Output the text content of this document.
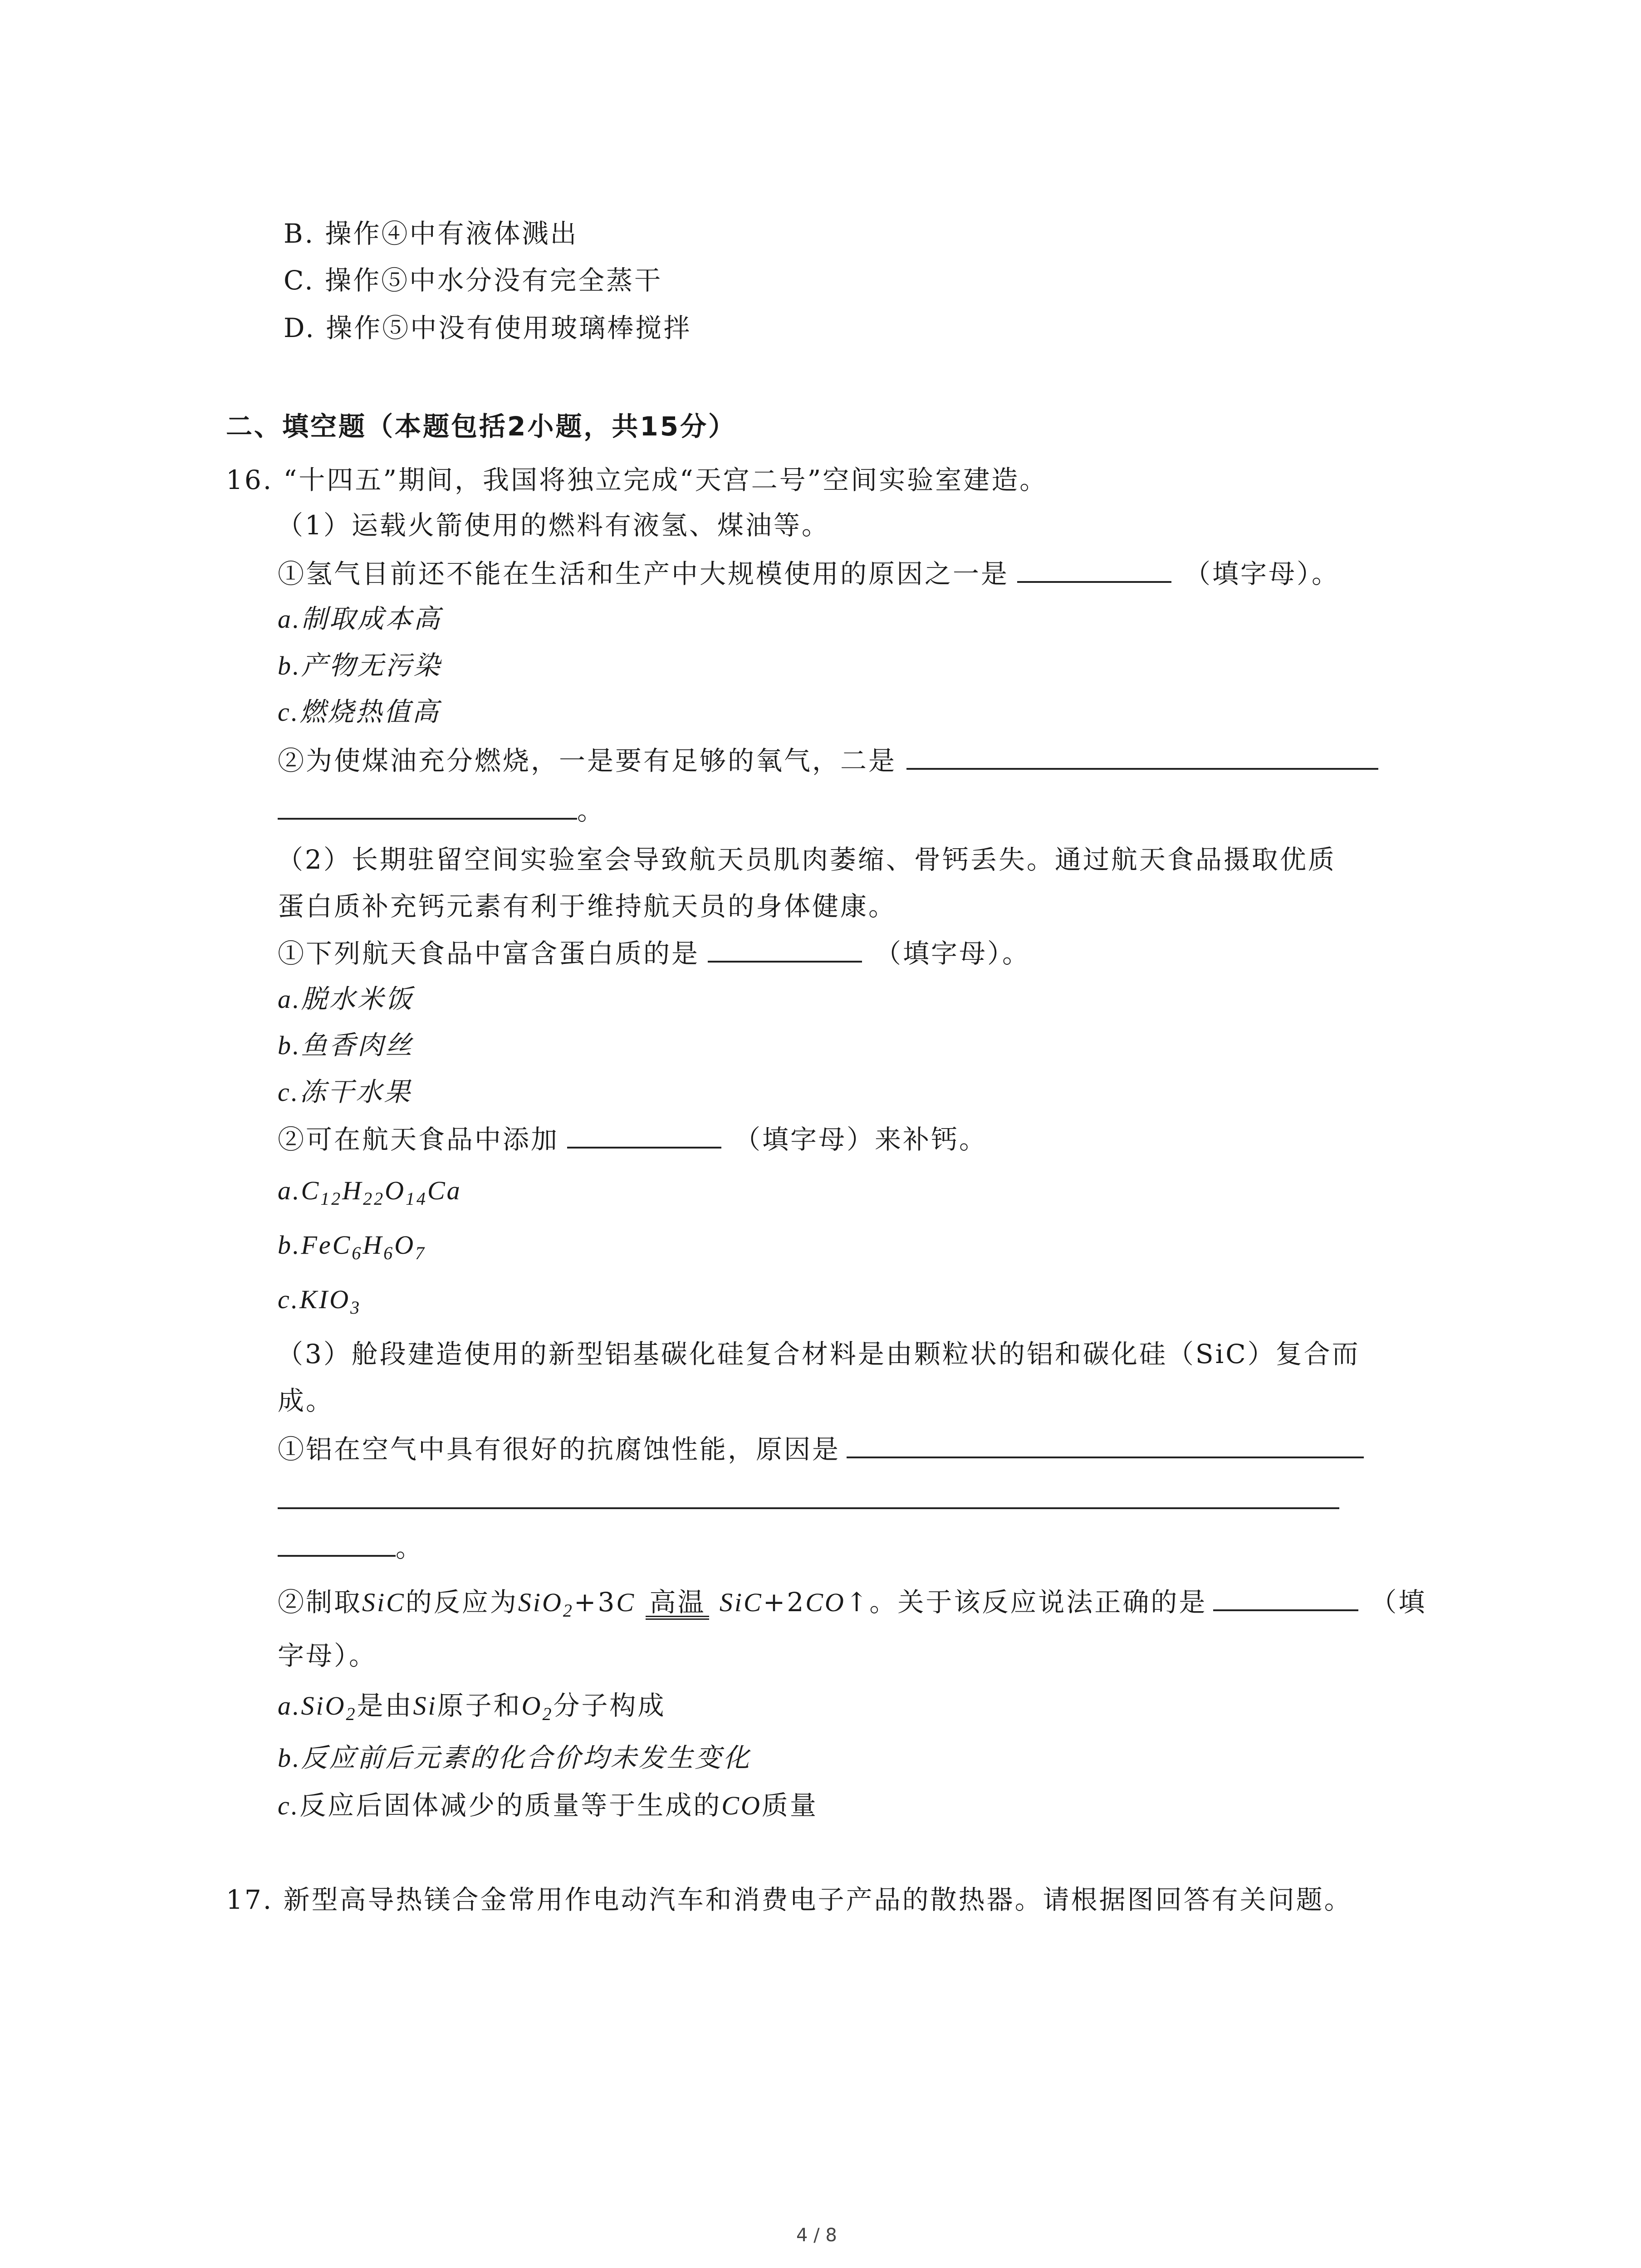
B. 操作④中有液体溅出
C. 操作⑤中水分没有完全蒸干
D. 操作⑤中没有使用玻璃棒搅拌
二、填空题（本题包括2小题，共15分）
16. “十四五”期间，我国将独立完成“天宫二号”空间实验室建造。
（1）运载火箭使用的燃料有液氢、煤油等。
①氢气目前还不能在生活和生产中大规模使用的原因之一是	（填字母）。
a.制取成本高
b.产物无污染
c.燃烧热值高
②为使煤油充分燃烧，一是要有足够的氧气，二是
。
（2）长期驻留空间实验室会导致航天员肌肉萎缩、骨钙丢失。通过航天食品摄取优质
蛋白质补充钙元素有利于维持航天员的身体健康。
①下列航天食品中富含蛋白质的是	（填字母）。
a.脱水米饭
b.鱼香肉丝
c.冻干水果
②可在航天食品中添加	（填字母）来补钙。
$a.C_{12}H_{22}O_{14}Ca$
$b.FeC_6H_6O_7$
$c.KIO_3$
（3）舱段建造使用的新型铝基碳化硅复合材料是由颗粒状的铝和碳化硅（SiC）复合而
成。
①铝在空气中具有很好的抗腐蚀性能，原因是
。
②制取SiC的反应为SiO$_2$+3C 高温 SiC+2CO↑。关于该反应说法正确的是	（填
字母）。
a.SiO$_2$是由Si原子和$O_2$分子构成
b.反应前后元素的化合价均未发生变化
c.反应后固体减少的质量等于生成的CO质量
17. 新型高导热镁合金常用作电动汽车和消费电子产品的散热器。请根据图回答有关问题。
4 / 8
